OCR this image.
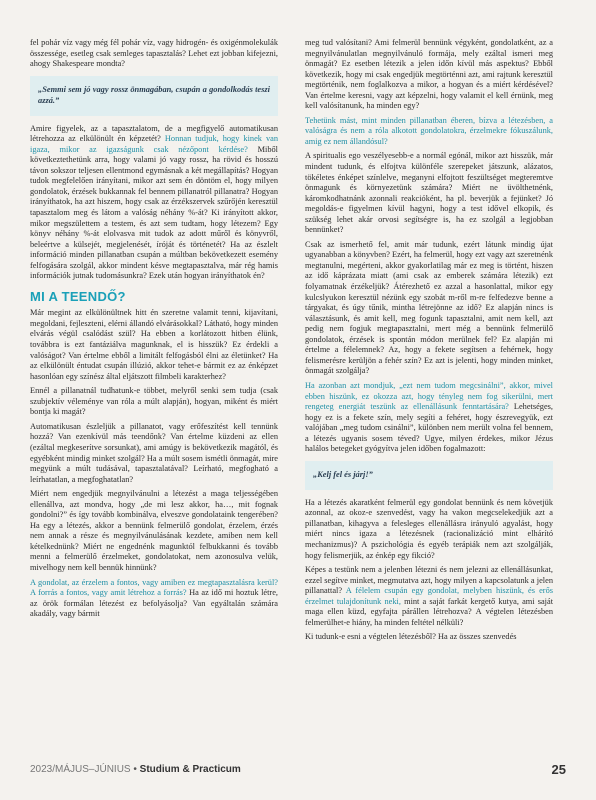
fel pohár víz vagy még fél pohár víz, vagy hidrogén- és oxigénmolekulák összessége, esetleg csak semleges tapasztalás? Lehet ezt jobban kifejezni, ahogy Shakespeare mondta?

„Semmi sem jó vagy rossz önmagában, csupán a gondolkodás teszi azzá.”

Amire figyelek, az a tapasztalatom, de a megfigyelő automatikusan létrehozza az elkülönült én képzetét? Honnan tudjuk, hogy kinek van igaza, mikor az igazságunk csak nézőpont kérdése? Miből következtethetünk arra, hogy valami jó vagy rossz, ha rövid és hosszú távon sokszor teljesen ellentmond egymásnak a két megállapítás? Hogyan tudok megfelelően irányítani, mikor azt sem én döntöm el, hogy milyen gondolatok, érzések bukkannak fel bennem pillanatról pillanatra? Hogyan irányíthatok, ha azt hiszem, hogy csak az érzékszervek szűrőjén keresztül tapasztalom meg és látom a valóság néhány %-át? Ki irányított akkor, mikor megszülettem a testem, és azt sem tudtam, hogy létezem? Egy könyv néhány %-át elolvasva mit tudok az adott műről és könyvről, beleértve a külsejét, megjelenését, íróját és történetét? Ha az észlelt információ minden pillanatban csupán a múltban bekövetkezett esemény felfogására szolgál, akkor mindent késve megtapasztalva, már rég hamis információk jutnak tudomásunkra? Ezek után hogyan irányíthatok én?

MI A TEENDŐ?

Már megint az elkülönültnek hitt én szeretne valamit tenni, kijavítani, megoldani, fejleszteni, elérni állandó elvárásokkal? Látható, hogy minden elvárás végül csalódást szül? Ha ebben a korlátozott hitben élünk, továbbra is ezt fantáziálva magunknak, el is hisszük? Ez érdekli a valóságot? Van értelme ebből a limitált felfogásból élni az életünket? Ha az elkülönült éntudat csupán illúzió, akkor tehet-e bármit ez az énképzet hasonlóan egy színész által eljátszott filmbeli karakterhez?

Ennél a pillanatnál tudhatunk-e többet, melyről senki sem tudja (csak szubjektív véleménye van róla a múlt alapján), hogyan, miként és miért bontja ki magát?

Automatikusan észleljük a pillanatot, vagy erőfeszítést kell tennünk hozzá? Van ezenkívül más teendőnk? Van értelme küzdeni az ellen (ezáltal megkeserítve sorsunkat), ami amúgy is bekövetkezik magától, és egyébként mindig minket szolgál? Ha a múlt sosem ismétli önmagát, mire megyünk a múlt tudásával, tapasztalatával? Leírható, megfogható a leírhatatlan, a megfoghatatlan?

Miért nem engedjük megnyilvánulni a létezést a maga teljességében ellenállva, azt mondva, hogy „de mi lesz akkor, ha…, mit fognak gondolni?” és így tovább kombinálva, elveszve gondolataink tengerében? Ha egy a létezés, akkor a bennünk felmerülő gondolat, érzelem, érzés nem annak a része és megnyilvánulásának kezdete, amiben nem kell kételkednünk? Miért ne engednénk magunktól felbukkanni és tovább menni a felmerülő érzelmeket, gondolatokat, nem azonosulva velük, mivelhogy nem kell bennük hinnünk?

A gondolat, az érzelem a fontos, vagy amiben ez megtapasztalásra kerül? A forrás a fontos, vagy amit létrehoz a forrás? Ha az idő mi hoztuk létre, az örök formálan létezést ez befolyásolja? Van egyáltalán számára akadály, vagy bármit

meg tud valósítani? Ami felmerül bennünk végyként, gondolatként, az a megnyilvánulatlan megnyilvánuló formája, mely ezáltal ismeri meg önmagát? Ez esetben létezik a jelen időn kívül más aspektus? Ebből következik, hogy mi csak engedjük megtörténni azt, ami rajtunk keresztül megtörténik, nem foglalkozva a mikor, a hogyan és a miért kérdésével? Van értelme keresni, vagy azt képzelni, hogy valamit el kell érnünk, meg kell valósítanunk, ha minden egy?

Tehetünk mást, mint minden pillanatban éberen, bízva a létezésben, a valóságra és nem a róla alkotott gondolatokra, érzelmekre fókuszálunk, amig ez nem állandósul?

A spiritualis ego veszélyesebb-e a normál egónál, mikor azt hisszük, már mindent tudunk, és elfojtva különféle szerepeket játszunk, alázatos, tökéletes énképet színlelve, meganyni elfojtott feszültséget megteremtve önmagunk és környezetünk számára? Miért ne üvölthetnénk, káromkodhatnánk azonnali reakcióként, ha pl. beverjük a fejünket? Jó megoldás-e figyelmen kívül hagyni, hogy a test idővel elkopik, és szükség lehet akár orvosi segítségre is, ha ez szolgál a legjobban bennünket?

Csak az ismerhető fel, amit már tudunk, ezért látunk mindig újat ugyanabban a könyvben? Ezért, ha felmerül, hogy ezt vagy azt szeretnénk megtanulni, megérteni, akkor gyakorlatilag már ez meg is történt, hiszen az idő káprázata miatt (ami csak az emberek számára létezik) ezt folyamatnak érzékeljük? Átérezhető ez azzal a hasonlattal, mikor egy kulcslyukon keresztül nézünk egy szobát m-ről m-re felfedezve benne a tárgyakat, és úgy tűnik, mintha létrejönne az idő? Ez alapján nincs is választásunk, és amit kell, meg fogunk tapasztalni, amit nem kell, azt pedig nem fogjuk megtapasztalni, mert még a bennünk felmerülő gondolatok, érzések is spontán módon merülnek fel? Ez alapján mi értelme a félelemnek? Az, hogy a fekete segítsen a fehérnek, hogy felismerésre kerüljön a fehér szín? Ez azt is jelenti, hogy minden minket, önmagát szolgálja?

Ha azonban azt mondjuk, „ezt nem tudom megcsinálni”, akkor, mivel ebben hiszünk, ez okozza azt, hogy tényleg nem fog sikerülni, mert rengeteg energiát teszünk az ellenállásunk fenntartására? Lehetséges, hogy ez is a fekete szín, mely segíti a fehéret, hogy észrevegyük, ezt valójában „meg tudom csinálni”, különben nem merült volna fel bennem, a létezés ugyanis sosem téved? Ugye, milyen érdekes, mikor Jézus halálos betegeket gyógyítva jelen időben fogalmazott:

„Kelj fel és járj!”

Ha a létezés akaratként felmerül egy gondolat bennünk és nem követjük azonnal, az okoz-e szenvedést, vagy ha vakon megcselekedjük azt a pillanatban, kihagyva a felesleges ellenállásra irányuló agyalást, hogy miért nincs igaza a létezésnek (racionalizáció mint elhárító mechanizmus)? A pszichológia és egyéb terápiák nem azt szolgálják, hogy felismerjük, az énkép egy fikció?

Képes a testünk nem a jelenben létezni és nem jelezni az ellenállásunkat, ezzel segítve minket, megmutatva azt, hogy milyen a kapcsolatunk a jelen pillanattal? A félelem csupán egy gondolat, melyben hiszünk, és erős érzelmet tulajdonítunk neki, mint a saját farkát kergető kutya, ami saját maga ellen küzd, egyfajta párállen létrehozva? A végtelen létezésben felmerülhet-e hiány, ha minden feltétel nélküli?

Ki tudunk-e esni a végtelen létezésből? Ha az összes szenvedés

2023/MÁJUS–JÚNIUS • Studium & Practicum	25
